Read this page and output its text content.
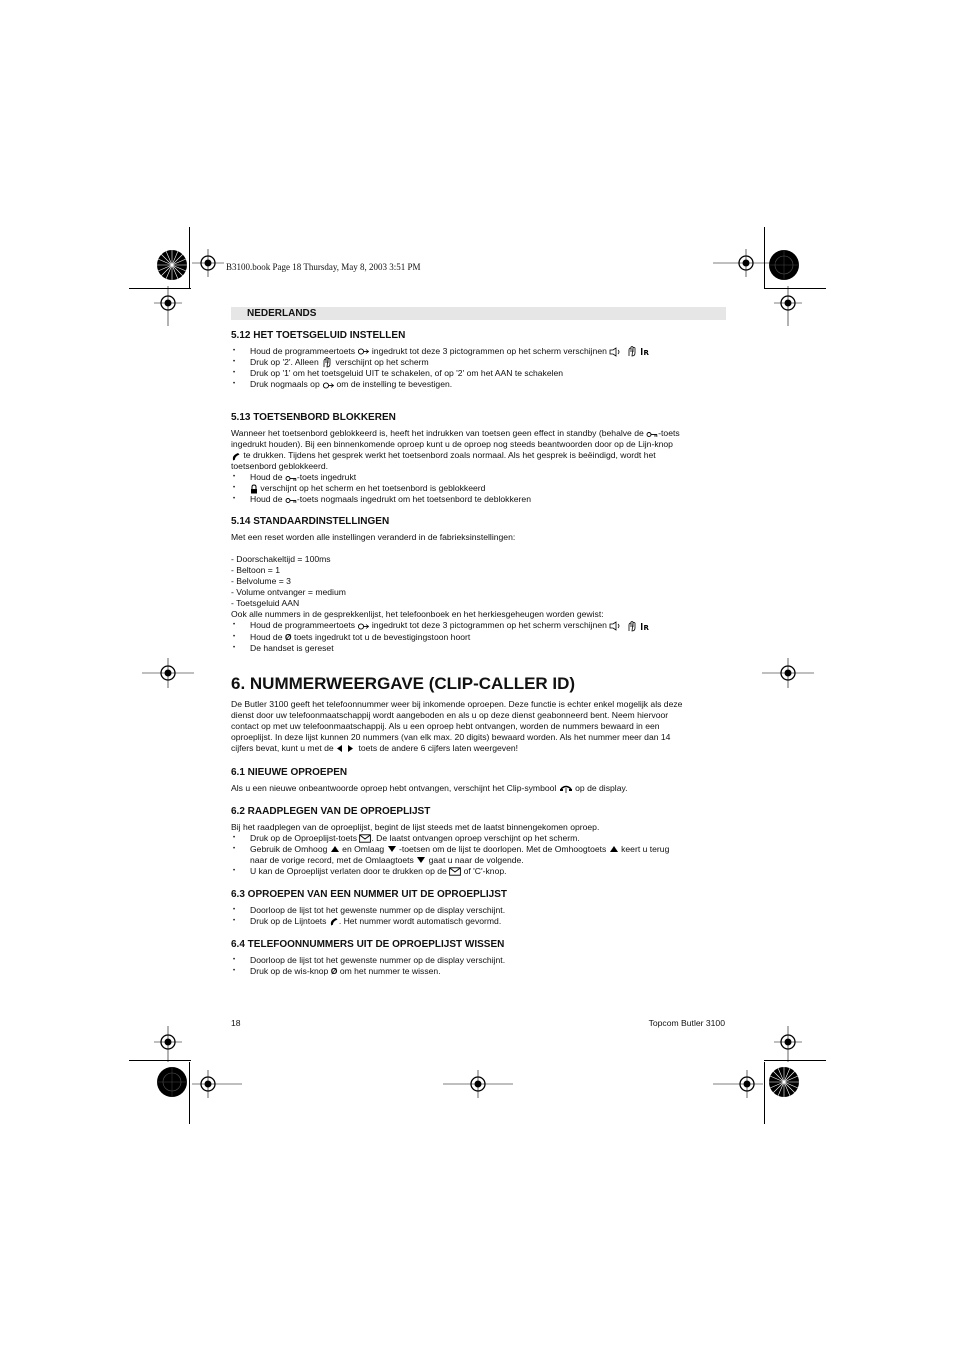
B3100.book Page 18 Thursday, May 8, 2003 3:51 PM
NEDERLANDS
5.12 HET TOETSGELUID INSTELLEN
• Houd de programmeertoets ingedrukt tot deze 3 pictogrammen op het scherm verschijnen	R
• Druk op '2'. Alleen verschijnt op het scherm
• Druk op '1' om het toetsgeluid UIT te schakelen, of op '2' om het AAN te schakelen
• Druk nogmaals op om de instelling te bevestigen.
5.13 TOETSENBORD BLOKKEREN

Wanneer het toetsenbord geblokkeerd is, heeft het indrukken van toetsen geen effect in standby (behalve de -toets

ingedrukt houden). Bij een binnenkomende oproep kunt u de oproep nog steeds beantwoorden door op de Lijn-knop

te drukken. Tijdens het gesprek werkt het toetsenbord zoals normaal. Als het gesprek is beëindigd, wordt het

toetsenbord geblokkeerd.

• Houd de -toets ingedrukt
• verschijnt op het scherm en het toetsenbord is geblokkeerd
• Houd de -toets nogmaals ingedrukt om het toetsenbord te deblokkeren
5.14 STANDAARDINSTELLINGEN

Met een reset worden alle instellingen veranderd in de fabrieksinstellingen:

- Doorschakeltijd = 100ms

- Beltoon = 1

- Belvolume = 3

- Volume ontvanger = medium

- Toetsgeluid AAN

Ook alle nummers in de gesprekkenlijst, het telefoonboek en het herkiesgeheugen worden gewist:

• Houd de programmeertoets ingedrukt tot deze 3 pictogrammen op het scherm verschijnen	R
• Houd de Ø toets ingedrukt tot u de bevestigingstoon hoort
• De handset is gereset
6. NUMMERWEERGAVE (CLIP-CALLER ID)

De Butler 3100 geeft het telefoonnummer weer bij inkomende oproepen. Deze functie is echter enkel mogelijk als deze

dienst door uw telefoonmaatschappij wordt aangeboden en als u op deze dienst geabonneerd bent. Neem hiervoor

contact op met uw telefoonmaatschappij. Als u een oproep hebt ontvangen, worden de nummers bewaard in een

oproeplijst. In deze lijst kunnen 20 nummers (van elk max. 20 digits) bewaard worden. Als het nummer meer dan 14

cijfers bevat, kunt u met de	toets de andere 6 cijfers laten weergeven!

6.1 NIEUWE OPROEPEN

Als u een nieuwe onbeantwoorde oproep hebt ontvangen, verschijnt het Clip-symbool op de display.

6.2 RAADPLEGEN VAN DE OPROEPLIJST

Bij het raadplegen van de oproeplijst, begint de lijst steeds met de laatst binnengekomen oproep.

• Druk op de Oproeplijst-toets . De laatst ontvangen oproep verschijnt op het scherm.
• Gebruik de Omhoog en Omlaag -toetsen om de lijst te doorlopen. Met de Omhoogtoets keert u terug
naar de vorige record, met de Omlaagtoets gaat u naar de volgende.
• U kan de Oproeplijst verlaten door te drukken op de of 'C'-knop.
6.3 OPROEPEN VAN EEN NUMMER UIT DE OPROEPLIJST
• Doorloop de lijst tot het gewenste nummer op de display verschijnt.
• Druk op de Lijntoets . Het nummer wordt automatisch gevormd.
6.4 TELEFOONNUMMERS UIT DE OPROEPLIJST WISSEN
• Doorloop de lijst tot het gewenste nummer op de display verschijnt.
• Druk op de wis-knop Ø om het nummer te wissen.
18	Topcom Butler 3100
